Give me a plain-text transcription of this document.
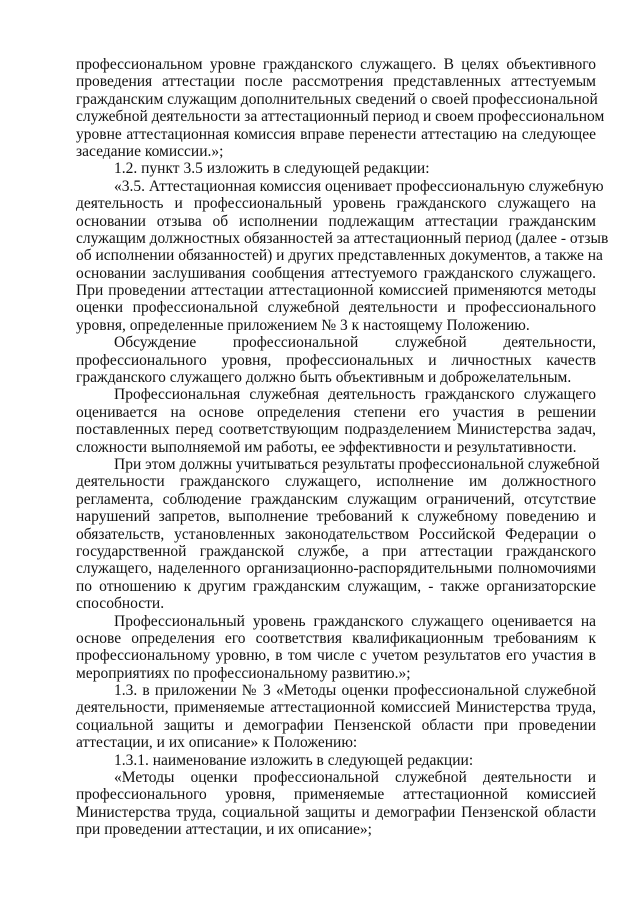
профессиональном уровне гражданского служащего. В целях объективного
проведения аттестации после рассмотрения представленных аттестуемым
гражданским служащим дополнительных сведений о своей профессиональной
служебной деятельности за аттестационный период и своем профессиональном
уровне аттестационная комиссия вправе перенести аттестацию на следующее
заседание комиссии.»;
1.2. пункт 3.5 изложить в следующей редакции:
«3.5. Аттестационная комиссия оценивает профессиональную служебную
деятельность и профессиональный уровень гражданского служащего на
основании отзыва об исполнении подлежащим аттестации гражданским
служащим должностных обязанностей за аттестационный период (далее - отзыв
об исполнении обязанностей) и других представленных документов, а также на
основании заслушивания сообщения аттестуемого гражданского служащего.
При проведении аттестации аттестационной комиссией применяются методы
оценки профессиональной служебной деятельности и профессионального
уровня, определенные приложением № 3 к настоящему Положению.
Обсуждение профессиональной служебной деятельности,
профессионального уровня, профессиональных и личностных качеств
гражданского служащего должно быть объективным и доброжелательным.
Профессиональная служебная деятельность гражданского служащего
оценивается на основе определения степени его участия в решении
поставленных перед соответствующим подразделением Министерства задач,
сложности выполняемой им работы, ее эффективности и результативности.
При этом должны учитываться результаты профессиональной служебной
деятельности гражданского служащего, исполнение им должностного
регламента, соблюдение гражданским служащим ограничений, отсутствие
нарушений запретов, выполнение требований к служебному поведению и
обязательств, установленных законодательством Российской Федерации о
государственной гражданской службе, а при аттестации гражданского
служащего, наделенного организационно-распорядительными полномочиями
по отношению к другим гражданским служащим, - также организаторские
способности.
Профессиональный уровень гражданского служащего оценивается на
основе определения его соответствия квалификационным требованиям к
профессиональному уровню, в том числе с учетом результатов его участия в
мероприятиях по профессиональному развитию.»;
1.3. в приложении № 3 «Методы оценки профессиональной служебной
деятельности, применяемые аттестационной комиссией Министерства труда,
социальной защиты и демографии Пензенской области при проведении
аттестации, и их описание» к Положению:
1.3.1. наименование изложить в следующей редакции:
«Методы оценки профессиональной служебной деятельности и
профессионального уровня, применяемые аттестационной комиссией
Министерства труда, социальной защиты и демографии Пензенской области
при проведении аттестации, и их описание»;
